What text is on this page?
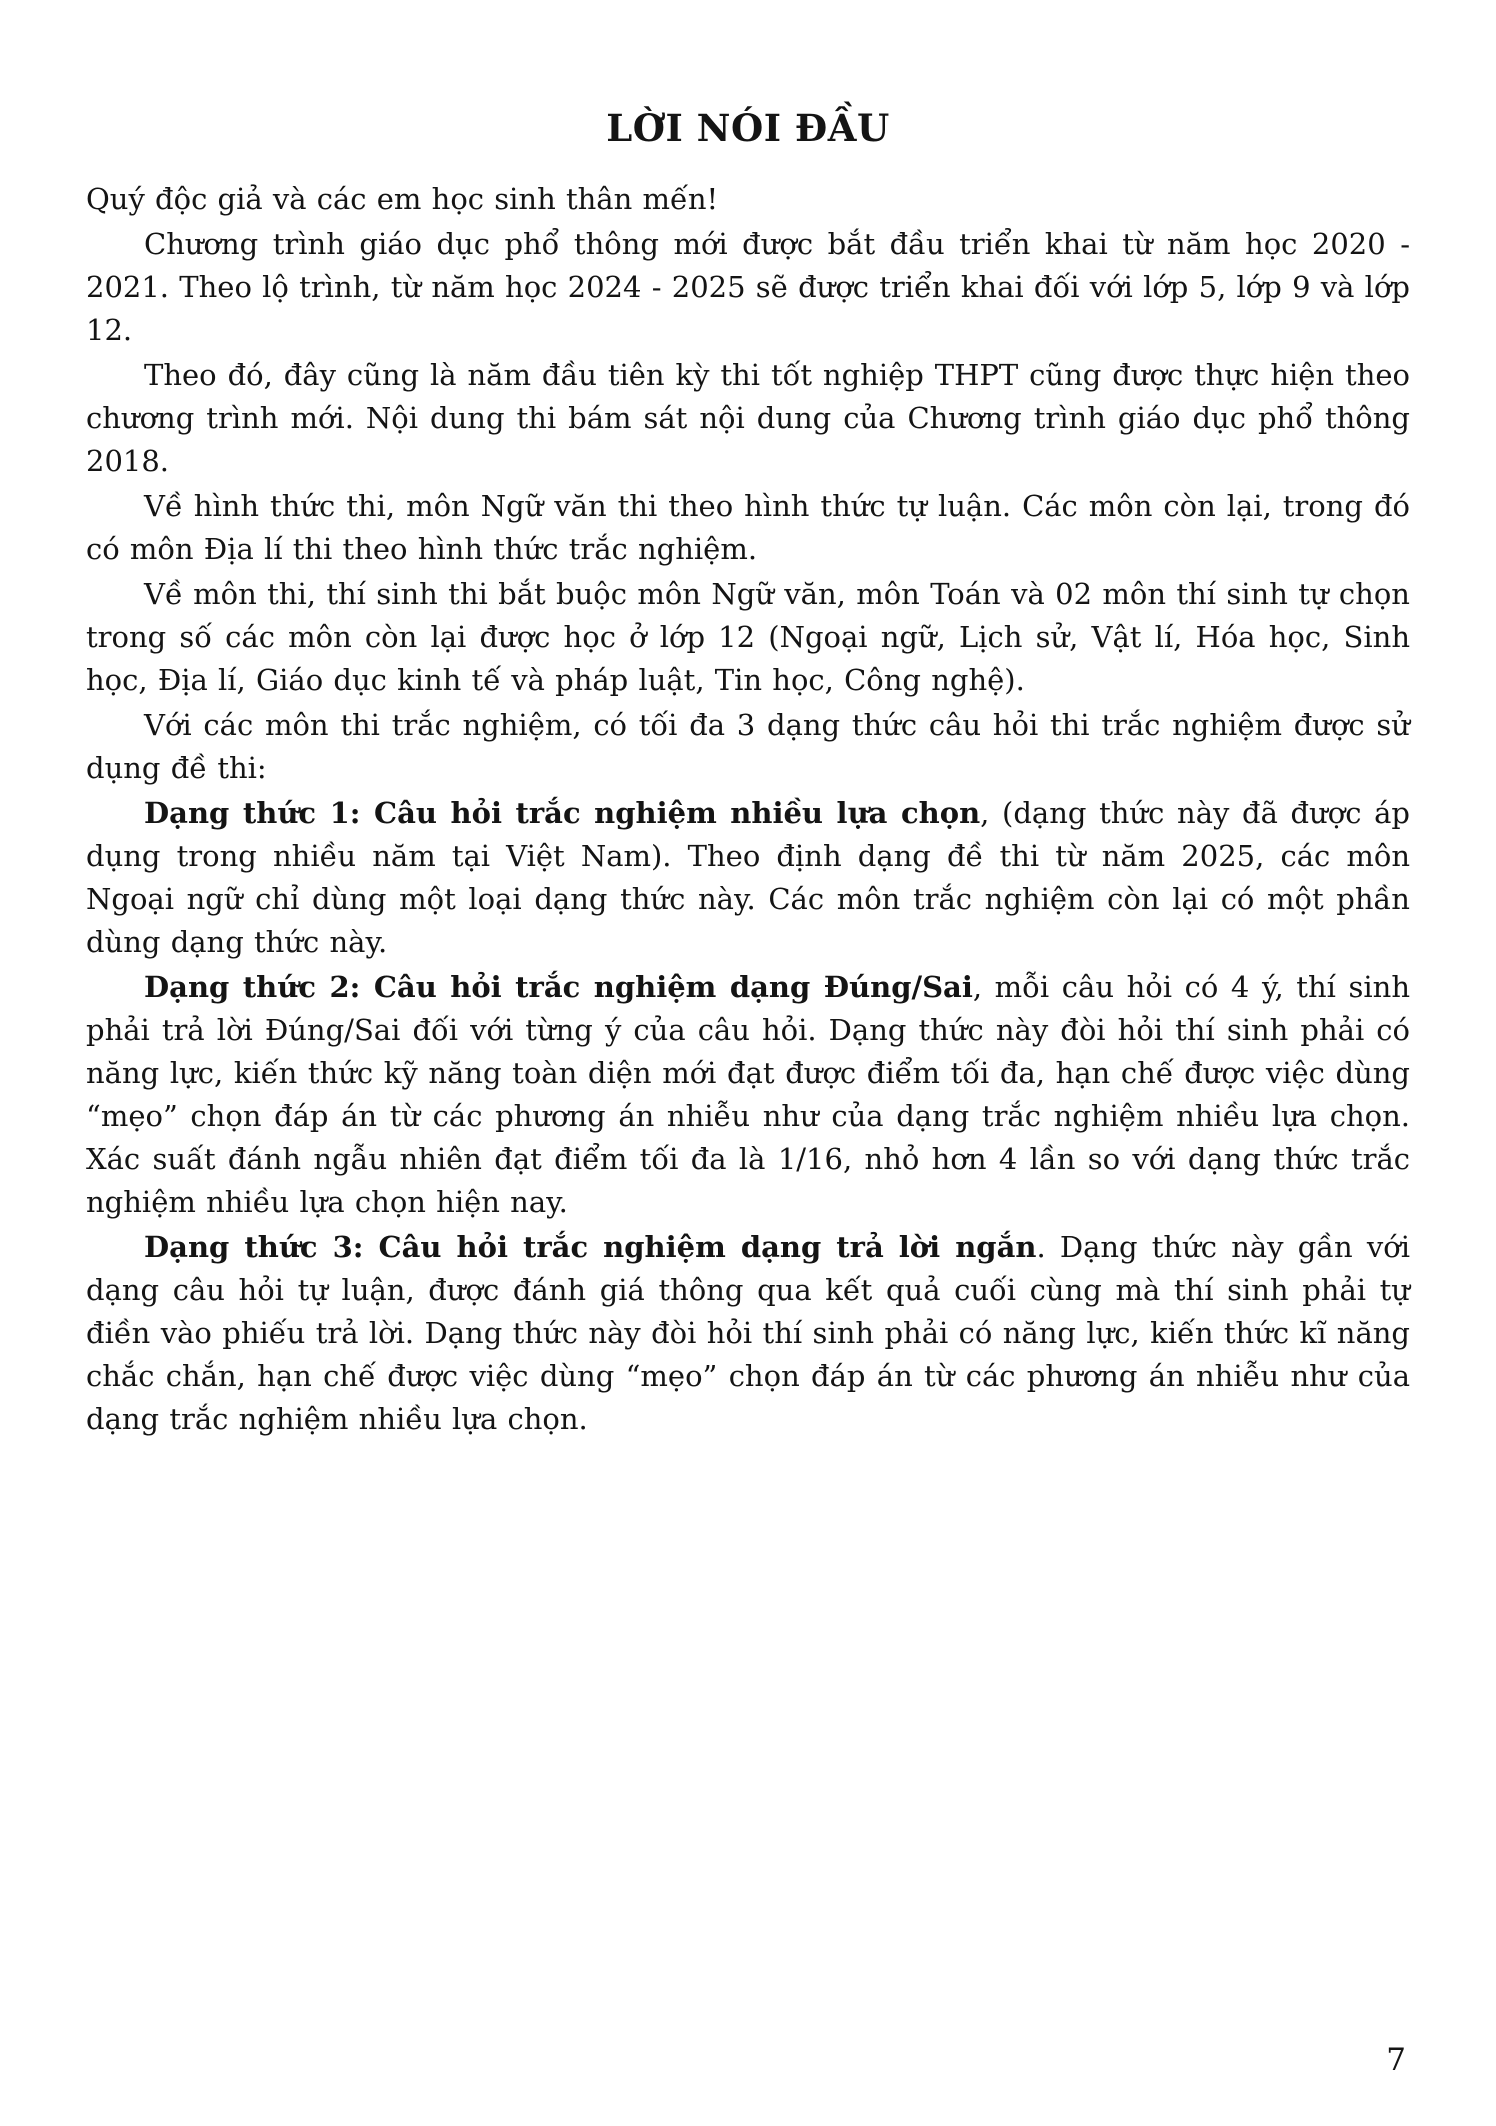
LỜI NÓI ĐẦU

Quý độc giả và các em học sinh thân mến!

Chương trình giáo dục phổ thông mới được bắt đầu triển khai từ năm học 2020 - 2021. Theo lộ trình, từ năm học 2024 - 2025 sẽ được triển khai đối với lớp 5, lớp 9 và lớp 12.

Theo đó, đây cũng là năm đầu tiên kỳ thi tốt nghiệp THPT cũng được thực hiện theo chương trình mới. Nội dung thi bám sát nội dung của Chương trình giáo dục phổ thông 2018.

Về hình thức thi, môn Ngữ văn thi theo hình thức tự luận. Các môn còn lại, trong đó có môn Địa lí thi theo hình thức trắc nghiệm.

Về môn thi, thí sinh thi bắt buộc môn Ngữ văn, môn Toán và 02 môn thí sinh tự chọn trong số các môn còn lại được học ở lớp 12 (Ngoại ngữ, Lịch sử, Vật lí, Hóa học, Sinh học, Địa lí, Giáo dục kinh tế và pháp luật, Tin học, Công nghệ).

Với các môn thi trắc nghiệm, có tối đa 3 dạng thức câu hỏi thi trắc nghiệm được sử dụng đề thi:

Dạng thức 1: Câu hỏi trắc nghiệm nhiều lựa chọn, (dạng thức này đã được áp dụng trong nhiều năm tại Việt Nam). Theo định dạng đề thi từ năm 2025, các môn Ngoại ngữ chỉ dùng một loại dạng thức này. Các môn trắc nghiệm còn lại có một phần dùng dạng thức này.

Dạng thức 2: Câu hỏi trắc nghiệm dạng Đúng/Sai, mỗi câu hỏi có 4 ý, thí sinh phải trả lời Đúng/Sai đối với từng ý của câu hỏi. Dạng thức này đòi hỏi thí sinh phải có năng lực, kiến thức kỹ năng toàn diện mới đạt được điểm tối đa, hạn chế được việc dùng “mẹo” chọn đáp án từ các phương án nhiễu như của dạng trắc nghiệm nhiều lựa chọn. Xác suất đánh ngẫu nhiên đạt điểm tối đa là 1/16, nhỏ hơn 4 lần so với dạng thức trắc nghiệm nhiều lựa chọn hiện nay.

Dạng thức 3: Câu hỏi trắc nghiệm dạng trả lời ngắn. Dạng thức này gần với dạng câu hỏi tự luận, được đánh giá thông qua kết quả cuối cùng mà thí sinh phải tự điền vào phiếu trả lời. Dạng thức này đòi hỏi thí sinh phải có năng lực, kiến thức kĩ năng chắc chắn, hạn chế được việc dùng “mẹo” chọn đáp án từ các phương án nhiễu như của dạng trắc nghiệm nhiều lựa chọn.

7
